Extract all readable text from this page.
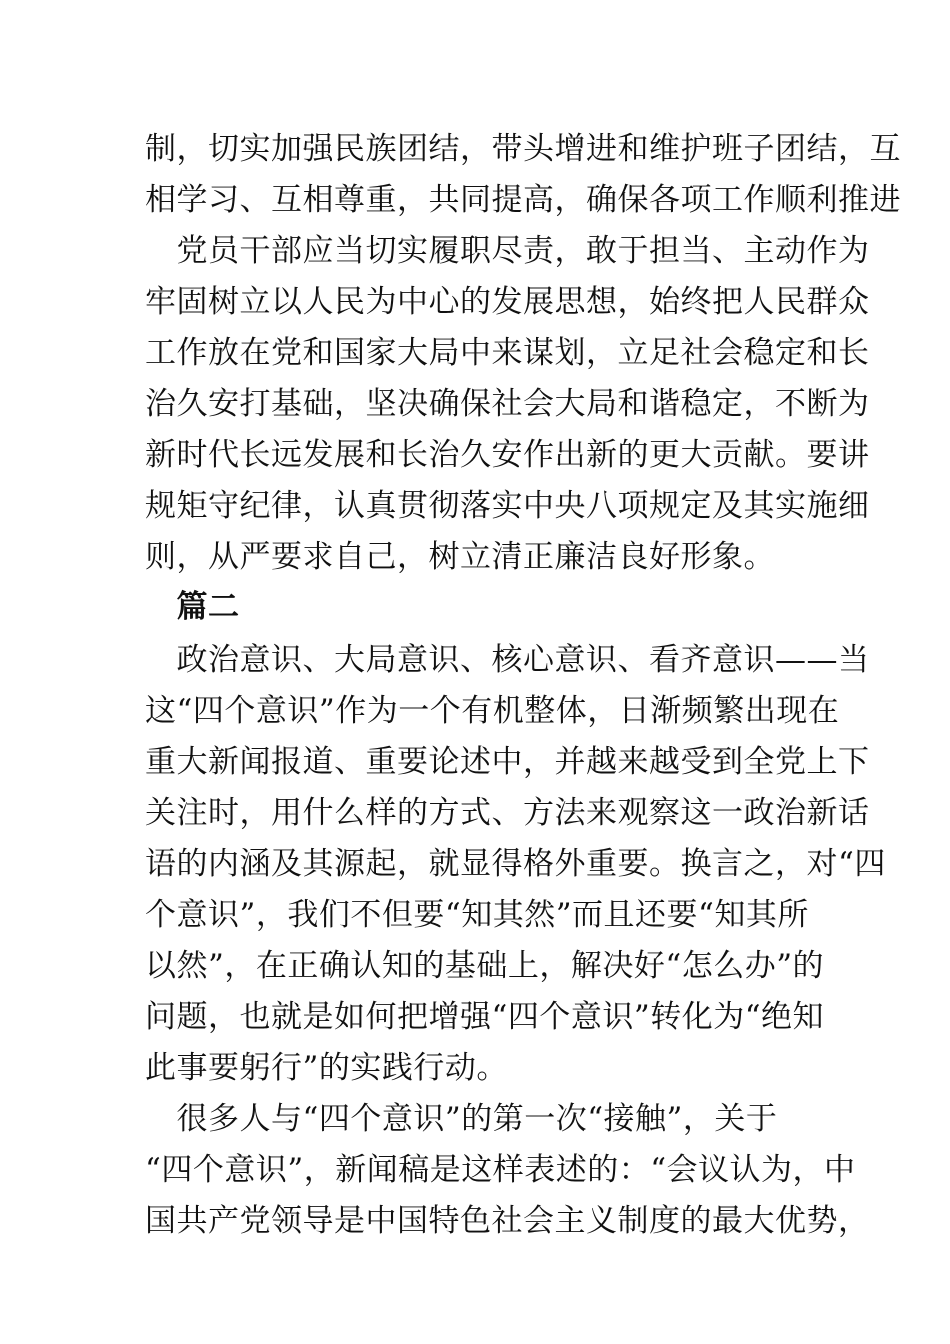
制，切实加强民族团结，带头增进和维护班子团结，互
相学习、互相尊重，共同提高，确保各项工作顺利推进
　党员干部应当切实履职尽责，敢于担当、主动作为
牢固树立以人民为中心的发展思想，始终把人民群众
工作放在党和国家大局中来谋划，立足社会稳定和长
治久安打基础，坚决确保社会大局和谐稳定，不断为
新时代长远发展和长治久安作出新的更大贡献。要讲
规矩守纪律，认真贯彻落实中央八项规定及其实施细
则，从严要求自己，树立清正廉洁良好形象。
　篇二
　政治意识、大局意识、核心意识、看齐意识——当
这“四个意识”作为一个有机整体，日渐频繁出现在
重大新闻报道、重要论述中，并越来越受到全党上下
关注时，用什么样的方式、方法来观察这一政治新话
语的内涵及其源起，就显得格外重要。换言之，对“四
个意识”，我们不但要“知其然”而且还要“知其所
以然”，在正确认知的基础上，解决好“怎么办”的
问题，也就是如何把增强“四个意识”转化为“绝知
此事要躬行”的实践行动。
　很多人与“四个意识”的第一次“接触”，关于
“四个意识”，新闻稿是这样表述的：“会议认为，中
国共产党领导是中国特色社会主义制度的最大优势，
